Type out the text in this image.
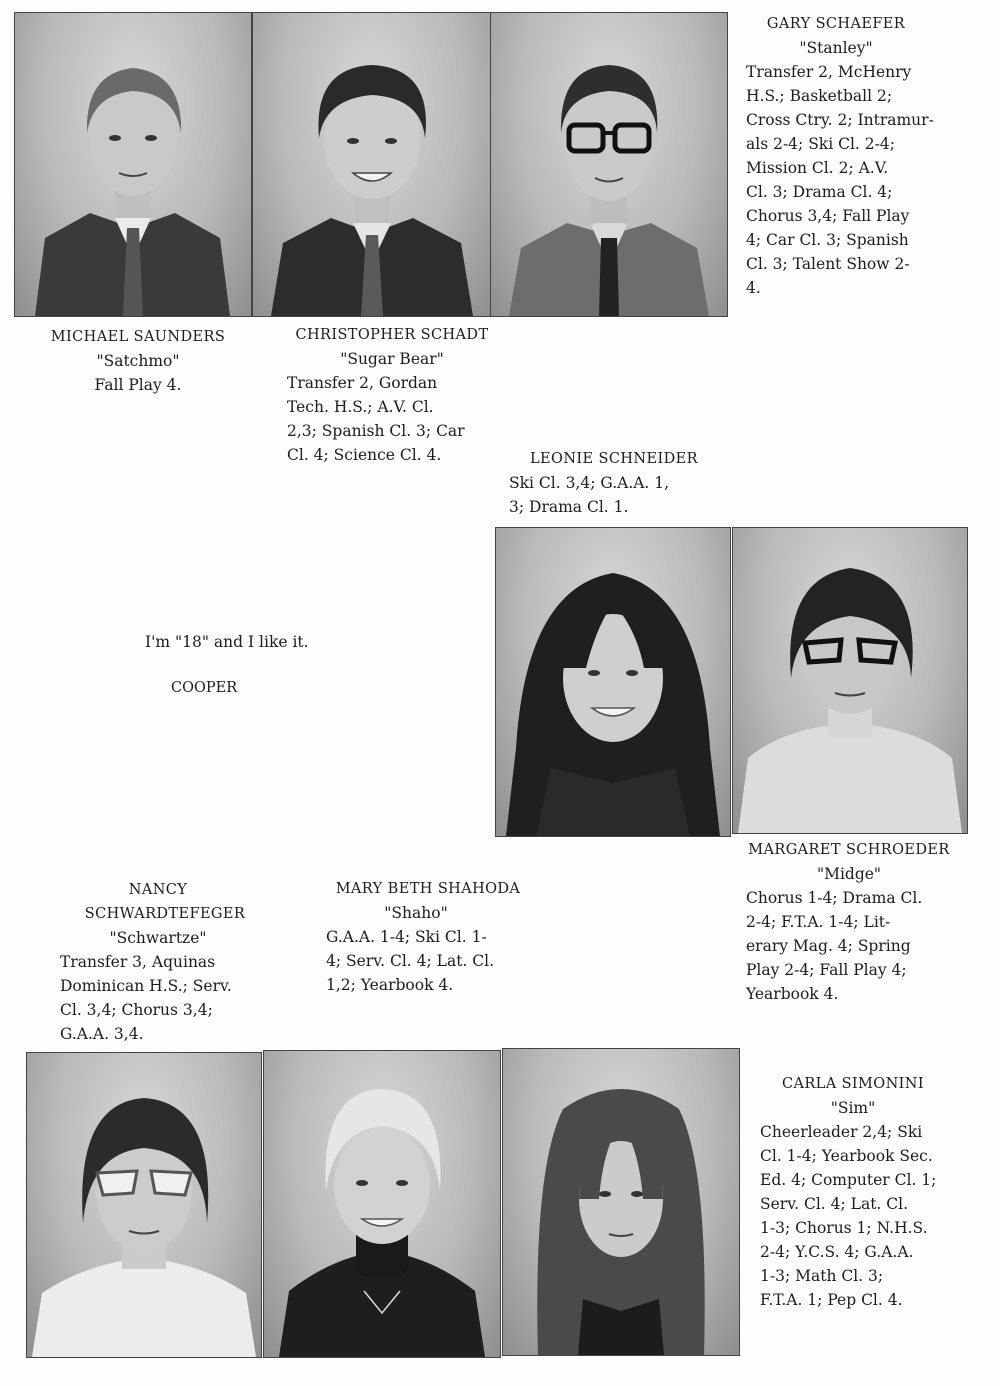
GARY SCHAEFER
"Stanley"
Transfer 2, McHenry
H.S.; Basketball 2;
Cross Ctry. 2; Intramur-
als 2-4; Ski Cl. 2-4;
Mission Cl. 2; A.V.
Cl. 3; Drama Cl. 4;
Chorus 3,4; Fall Play
4; Car Cl. 3; Spanish
Cl. 3; Talent Show 2-
4.
MICHAEL SAUNDERS
"Satchmo"
Fall Play 4.
CHRISTOPHER SCHADT
"Sugar Bear"
Transfer 2, Gordan
Tech. H.S.; A.V. Cl.
2,3; Spanish Cl. 3; Car
Cl. 4; Science Cl. 4.	LEONIE SCHNEIDER
Ski Cl. 3,4; G.A.A. 1,
3; Drama Cl. 1.
I'm "18" and I like it.
COOPER
MARGARET SCHROEDER
"Midge"
Chorus 1-4; Drama Cl.
2-4; F.T.A. 1-4; Lit-
erary Mag. 4; Spring
Play 2-4; Fall Play 4;
Yearbook 4.
NANCY
SCHWARDTEFEGER
"Schwartze"
Transfer 3, Aquinas
Dominican H.S.; Serv.
Cl. 3,4; Chorus 3,4;
G.A.A. 3,4.
MARY BETH SHAHODA
"Shaho"
G.A.A. 1-4; Ski Cl. 1-
4; Serv. Cl. 4; Lat. Cl.
1,2; Yearbook 4.
CARLA SIMONINI
"Sim"
Cheerleader 2,4; Ski
Cl. 1-4; Yearbook Sec.
Ed. 4; Computer Cl. 1;
Serv. Cl. 4; Lat. Cl.
1-3; Chorus 1; N.H.S.
2-4; Y.C.S. 4; G.A.A.
1-3; Math Cl. 3;
F.T.A. 1; Pep Cl. 4.
